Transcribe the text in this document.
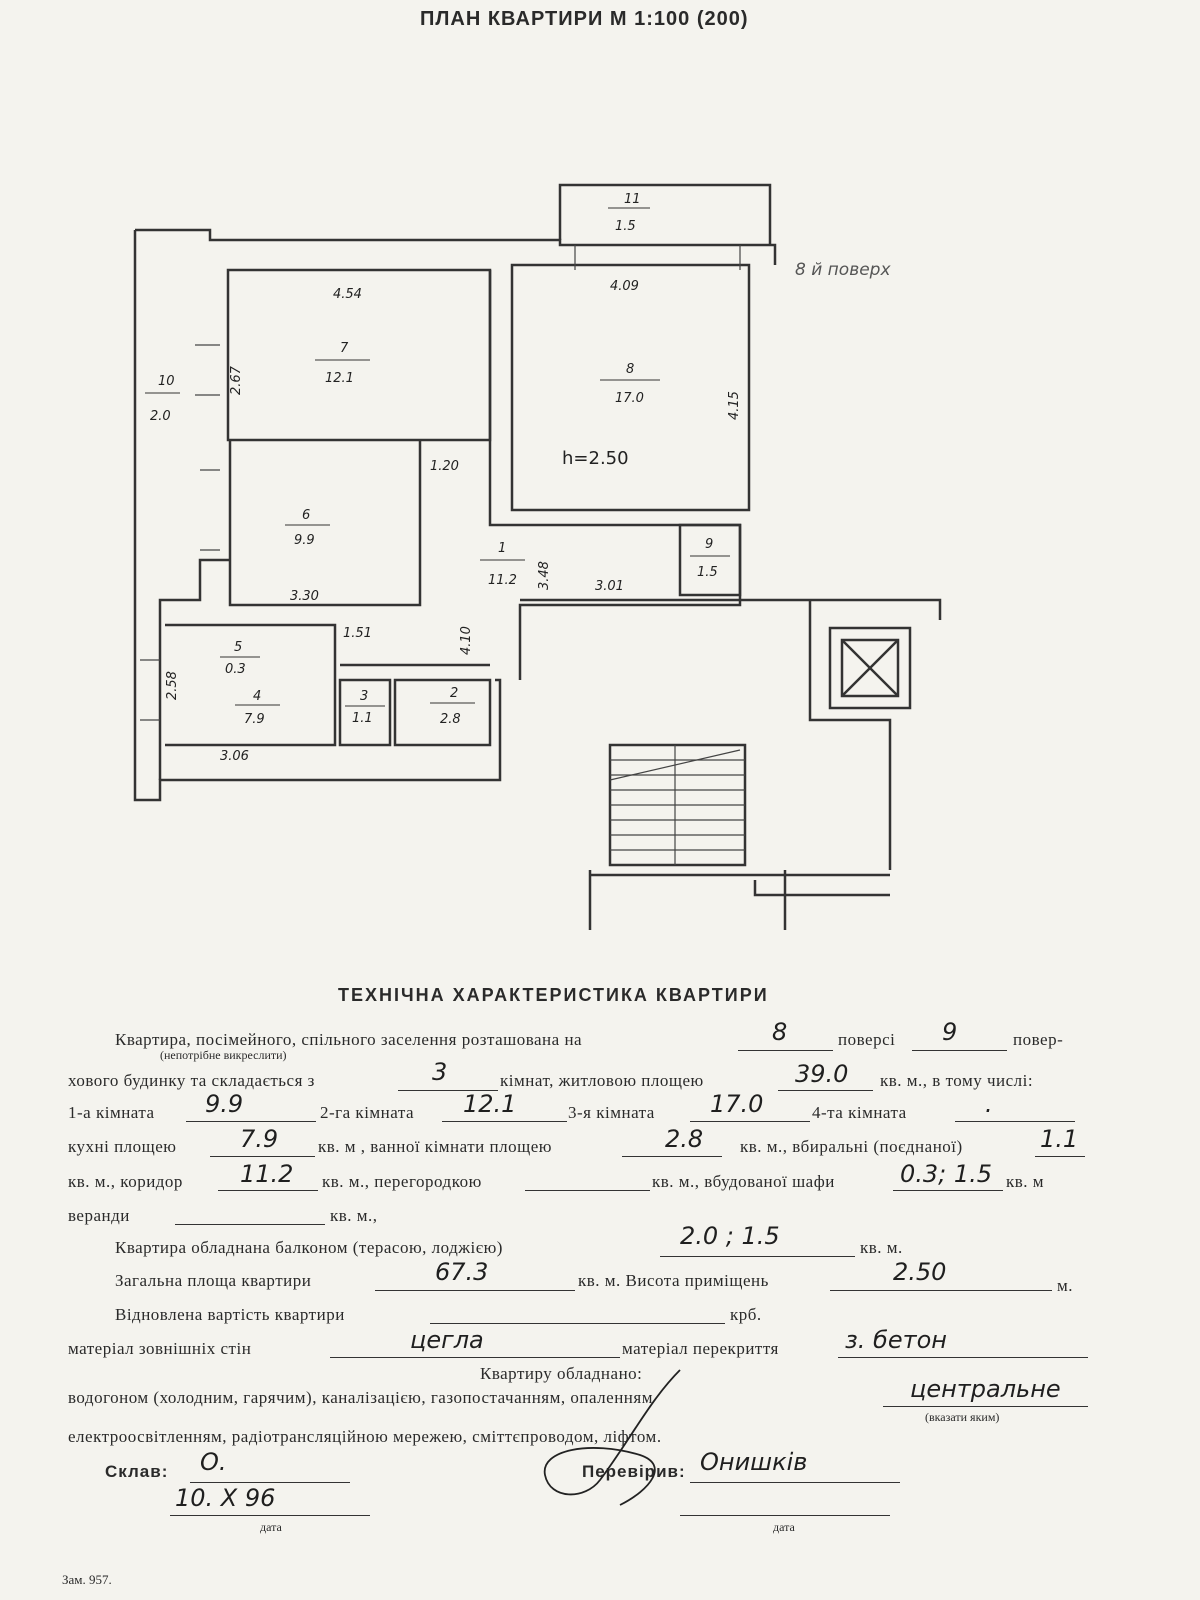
ПЛАН КВАРТИРИ М 1:100 (200)
11
1.5
10
2.0
7
12.1
8
17.0
6
9.9
1
11.2
9
1.5
5
0.3
4
7.9
3
1.1
2
2.8
4.54
4.09
2.67
4.15
1.20
3.01
3.30
3.48
1.51	4.10
2.58
3.06
h=2.50
8 й поверх
ТЕХНІЧНА ХАРАКТЕРИСТИКА КВАРТИРИ
Квартира, посімейного, спільного заселення розташована на	8	поверсі 9	повер-
(непотрібне викреслити)
хового будинку та складається з	3	кімнат, житловою площею	39.0 кв. м., в тому числі:
1-а кімната 9.9	2-га кімната 12.1	3-я кімната 17.0	4-та кімната	.
кухні площею	7.9 кв. м , ванної кімнати площею	2.8 кв. м., вбиральні (поєднаної)	1.1
кв. м., коридор 11.2 кв. м., перегородкою	кв. м., вбудованої шафи	0.3; 1.5 кв. м
веранди	кв. м.,
Квартира обладнана балконом (терасою, лоджією)	2.0 ; 1.5	кв. м.
Загальна площа квартири	67.3	кв. м. Висота приміщень	2.50	м.
Відновлена вартість квартири	крб.
матеріал зовнішніх стін	цегла	матеріал перекриття	з. бетон
Квартиру обладнано:
водогоном (холодним, гарячим), каналізацією, газопостачанням, опаленням	центральне
(вказати яким)
електроосвітленням, радіотрансляційною мережею, сміттєпроводом, ліфтом.
Склав: О.
10. X 96
дата
Перевірив: Онишків
дата
Зам. 957.
